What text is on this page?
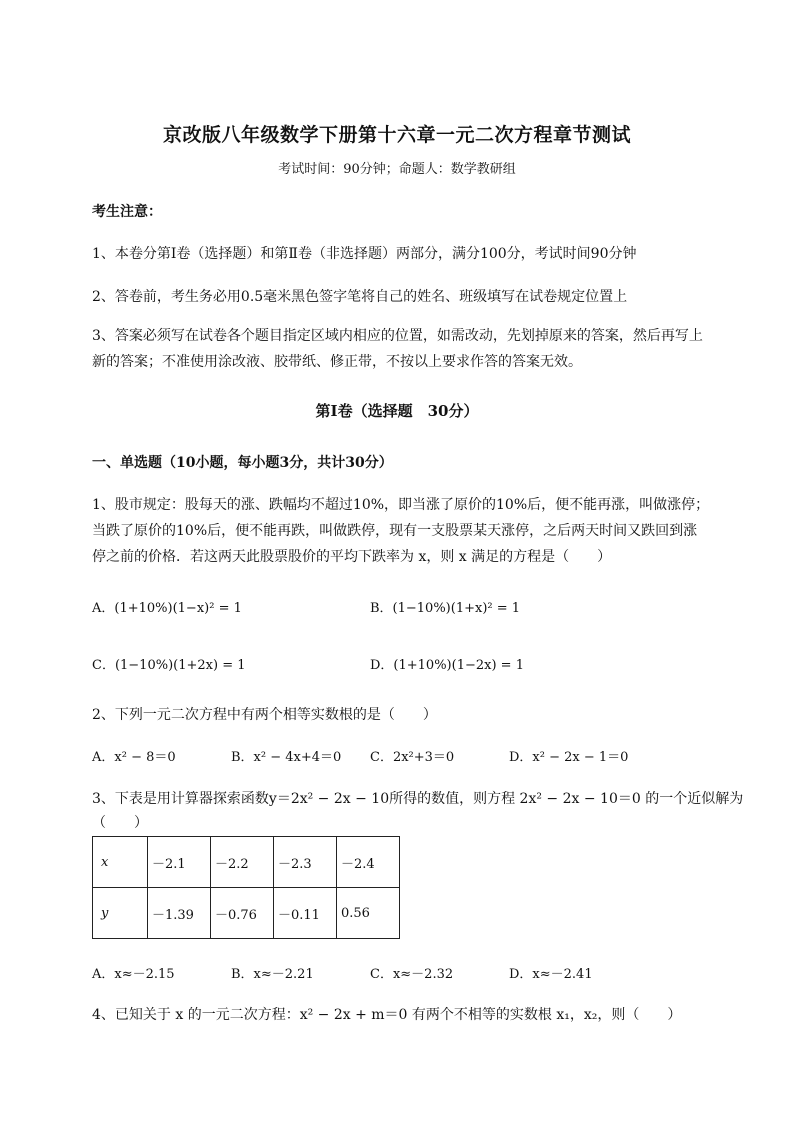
京改版八年级数学下册第十六章一元二次方程章节测试
考试时间：90分钟；命题人：数学教研组
考生注意：
1、本卷分第Ⅰ卷（选择题）和第Ⅱ卷（非选择题）两部分，满分100分，考试时间90分钟
2、答卷前，考生务必用0.5毫米黑色签字笔将自己的姓名、班级填写在试卷规定位置上
3、答案必须写在试卷各个题目指定区域内相应的位置，如需改动，先划掉原来的答案，然后再写上新的答案；不准使用涂改液、胶带纸、修正带，不按以上要求作答的答案无效。
第Ⅰ卷（选择题　30分）
一、单选题（10小题，每小题3分，共计30分）
1、股市规定：股每天的涨、跌幅均不超过10%，即当涨了原价的10%后，便不能再涨，叫做涨停；
当跌了原价的10%后，便不能再跌，叫做跌停，现有一支股票某天涨停，之后两天时间又跌回到涨
停之前的价格．若这两天此股票股价的平均下跌率为 x，则 x 满足的方程是（　　）
A．(1+10%)(1−x)² = 1	B．(1−10%)(1+x)² = 1
C．(1−10%)(1+2x) = 1	D．(1+10%)(1−2x) = 1
2、下列一元二次方程中有两个相等实数根的是（　　）
A．x² − 8＝0	B．x² − 4x+4＝0 C．2x²+3＝0	D．x² − 2x − 1＝0
3、下表是用计算器探索函数y＝2x² − 2x − 10所得的数值，则方程 2x² − 2x − 10＝0 的一个近似解为
（　　）
x	－2.1	－2.2	－2.3	－2.4
y	－1.39	－0.76	－0.11	0.56
A．x≈－2.15	B．x≈－2.21	C．x≈－2.32	D．x≈－2.41
4、已知关于 x 的一元二次方程：x² − 2x + m＝0 有两个不相等的实数根 x₁，x₂，则（　　）
